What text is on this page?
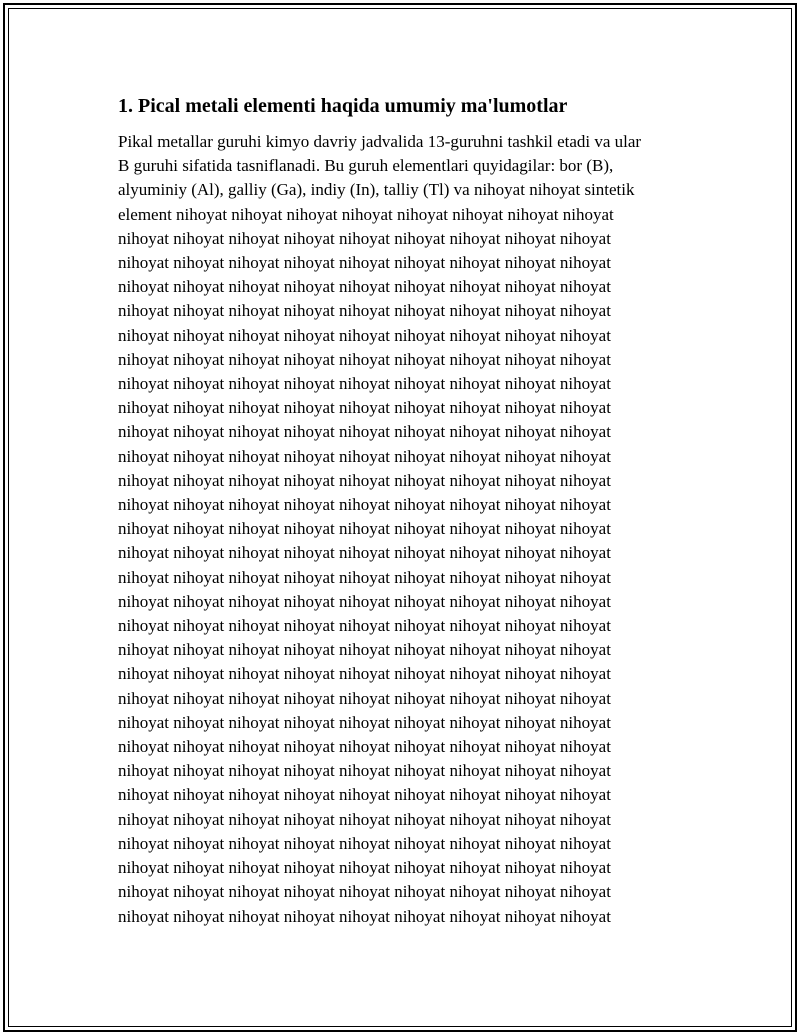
1. Pical metali elementi haqida umumiy ma'lumotlar

Pikal metallar guruhi kimyo davriy jadvalida 13-guruhni tashkil etadi va ular
B guruhi sifatida tasniflanadi. Bu guruh elementlari quyidagilar: bor (B),
alyuminiy (Al), galliy (Ga), indiy (In), talliy (Tl) va nihoyat nihoyat sintetik
element nihoyat nihoyat nihoyat nihoyat nihoyat nihoyat nihoyat nihoyat
nihoyat nihoyat nihoyat nihoyat nihoyat nihoyat nihoyat nihoyat nihoyat
nihoyat nihoyat nihoyat nihoyat nihoyat nihoyat nihoyat nihoyat nihoyat
nihoyat nihoyat nihoyat nihoyat nihoyat nihoyat nihoyat nihoyat nihoyat
nihoyat nihoyat nihoyat nihoyat nihoyat nihoyat nihoyat nihoyat nihoyat
nihoyat nihoyat nihoyat nihoyat nihoyat nihoyat nihoyat nihoyat nihoyat
nihoyat nihoyat nihoyat nihoyat nihoyat nihoyat nihoyat nihoyat nihoyat
nihoyat nihoyat nihoyat nihoyat nihoyat nihoyat nihoyat nihoyat nihoyat
nihoyat nihoyat nihoyat nihoyat nihoyat nihoyat nihoyat nihoyat nihoyat
nihoyat nihoyat nihoyat nihoyat nihoyat nihoyat nihoyat nihoyat nihoyat
nihoyat nihoyat nihoyat nihoyat nihoyat nihoyat nihoyat nihoyat nihoyat
nihoyat nihoyat nihoyat nihoyat nihoyat nihoyat nihoyat nihoyat nihoyat
nihoyat nihoyat nihoyat nihoyat nihoyat nihoyat nihoyat nihoyat nihoyat
nihoyat nihoyat nihoyat nihoyat nihoyat nihoyat nihoyat nihoyat nihoyat
nihoyat nihoyat nihoyat nihoyat nihoyat nihoyat nihoyat nihoyat nihoyat
nihoyat nihoyat nihoyat nihoyat nihoyat nihoyat nihoyat nihoyat nihoyat
nihoyat nihoyat nihoyat nihoyat nihoyat nihoyat nihoyat nihoyat nihoyat
nihoyat nihoyat nihoyat nihoyat nihoyat nihoyat nihoyat nihoyat nihoyat
nihoyat nihoyat nihoyat nihoyat nihoyat nihoyat nihoyat nihoyat nihoyat
nihoyat nihoyat nihoyat nihoyat nihoyat nihoyat nihoyat nihoyat nihoyat
nihoyat nihoyat nihoyat nihoyat nihoyat nihoyat nihoyat nihoyat nihoyat
nihoyat nihoyat nihoyat nihoyat nihoyat nihoyat nihoyat nihoyat nihoyat
nihoyat nihoyat nihoyat nihoyat nihoyat nihoyat nihoyat nihoyat nihoyat
nihoyat nihoyat nihoyat nihoyat nihoyat nihoyat nihoyat nihoyat nihoyat
nihoyat nihoyat nihoyat nihoyat nihoyat nihoyat nihoyat nihoyat nihoyat
nihoyat nihoyat nihoyat nihoyat nihoyat nihoyat nihoyat nihoyat nihoyat
nihoyat nihoyat nihoyat nihoyat nihoyat nihoyat nihoyat nihoyat nihoyat
nihoyat nihoyat nihoyat nihoyat nihoyat nihoyat nihoyat nihoyat nihoyat
nihoyat nihoyat nihoyat nihoyat nihoyat nihoyat nihoyat nihoyat nihoyat
nihoyat nihoyat nihoyat nihoyat nihoyat nihoyat nihoyat nihoyat nihoyat
